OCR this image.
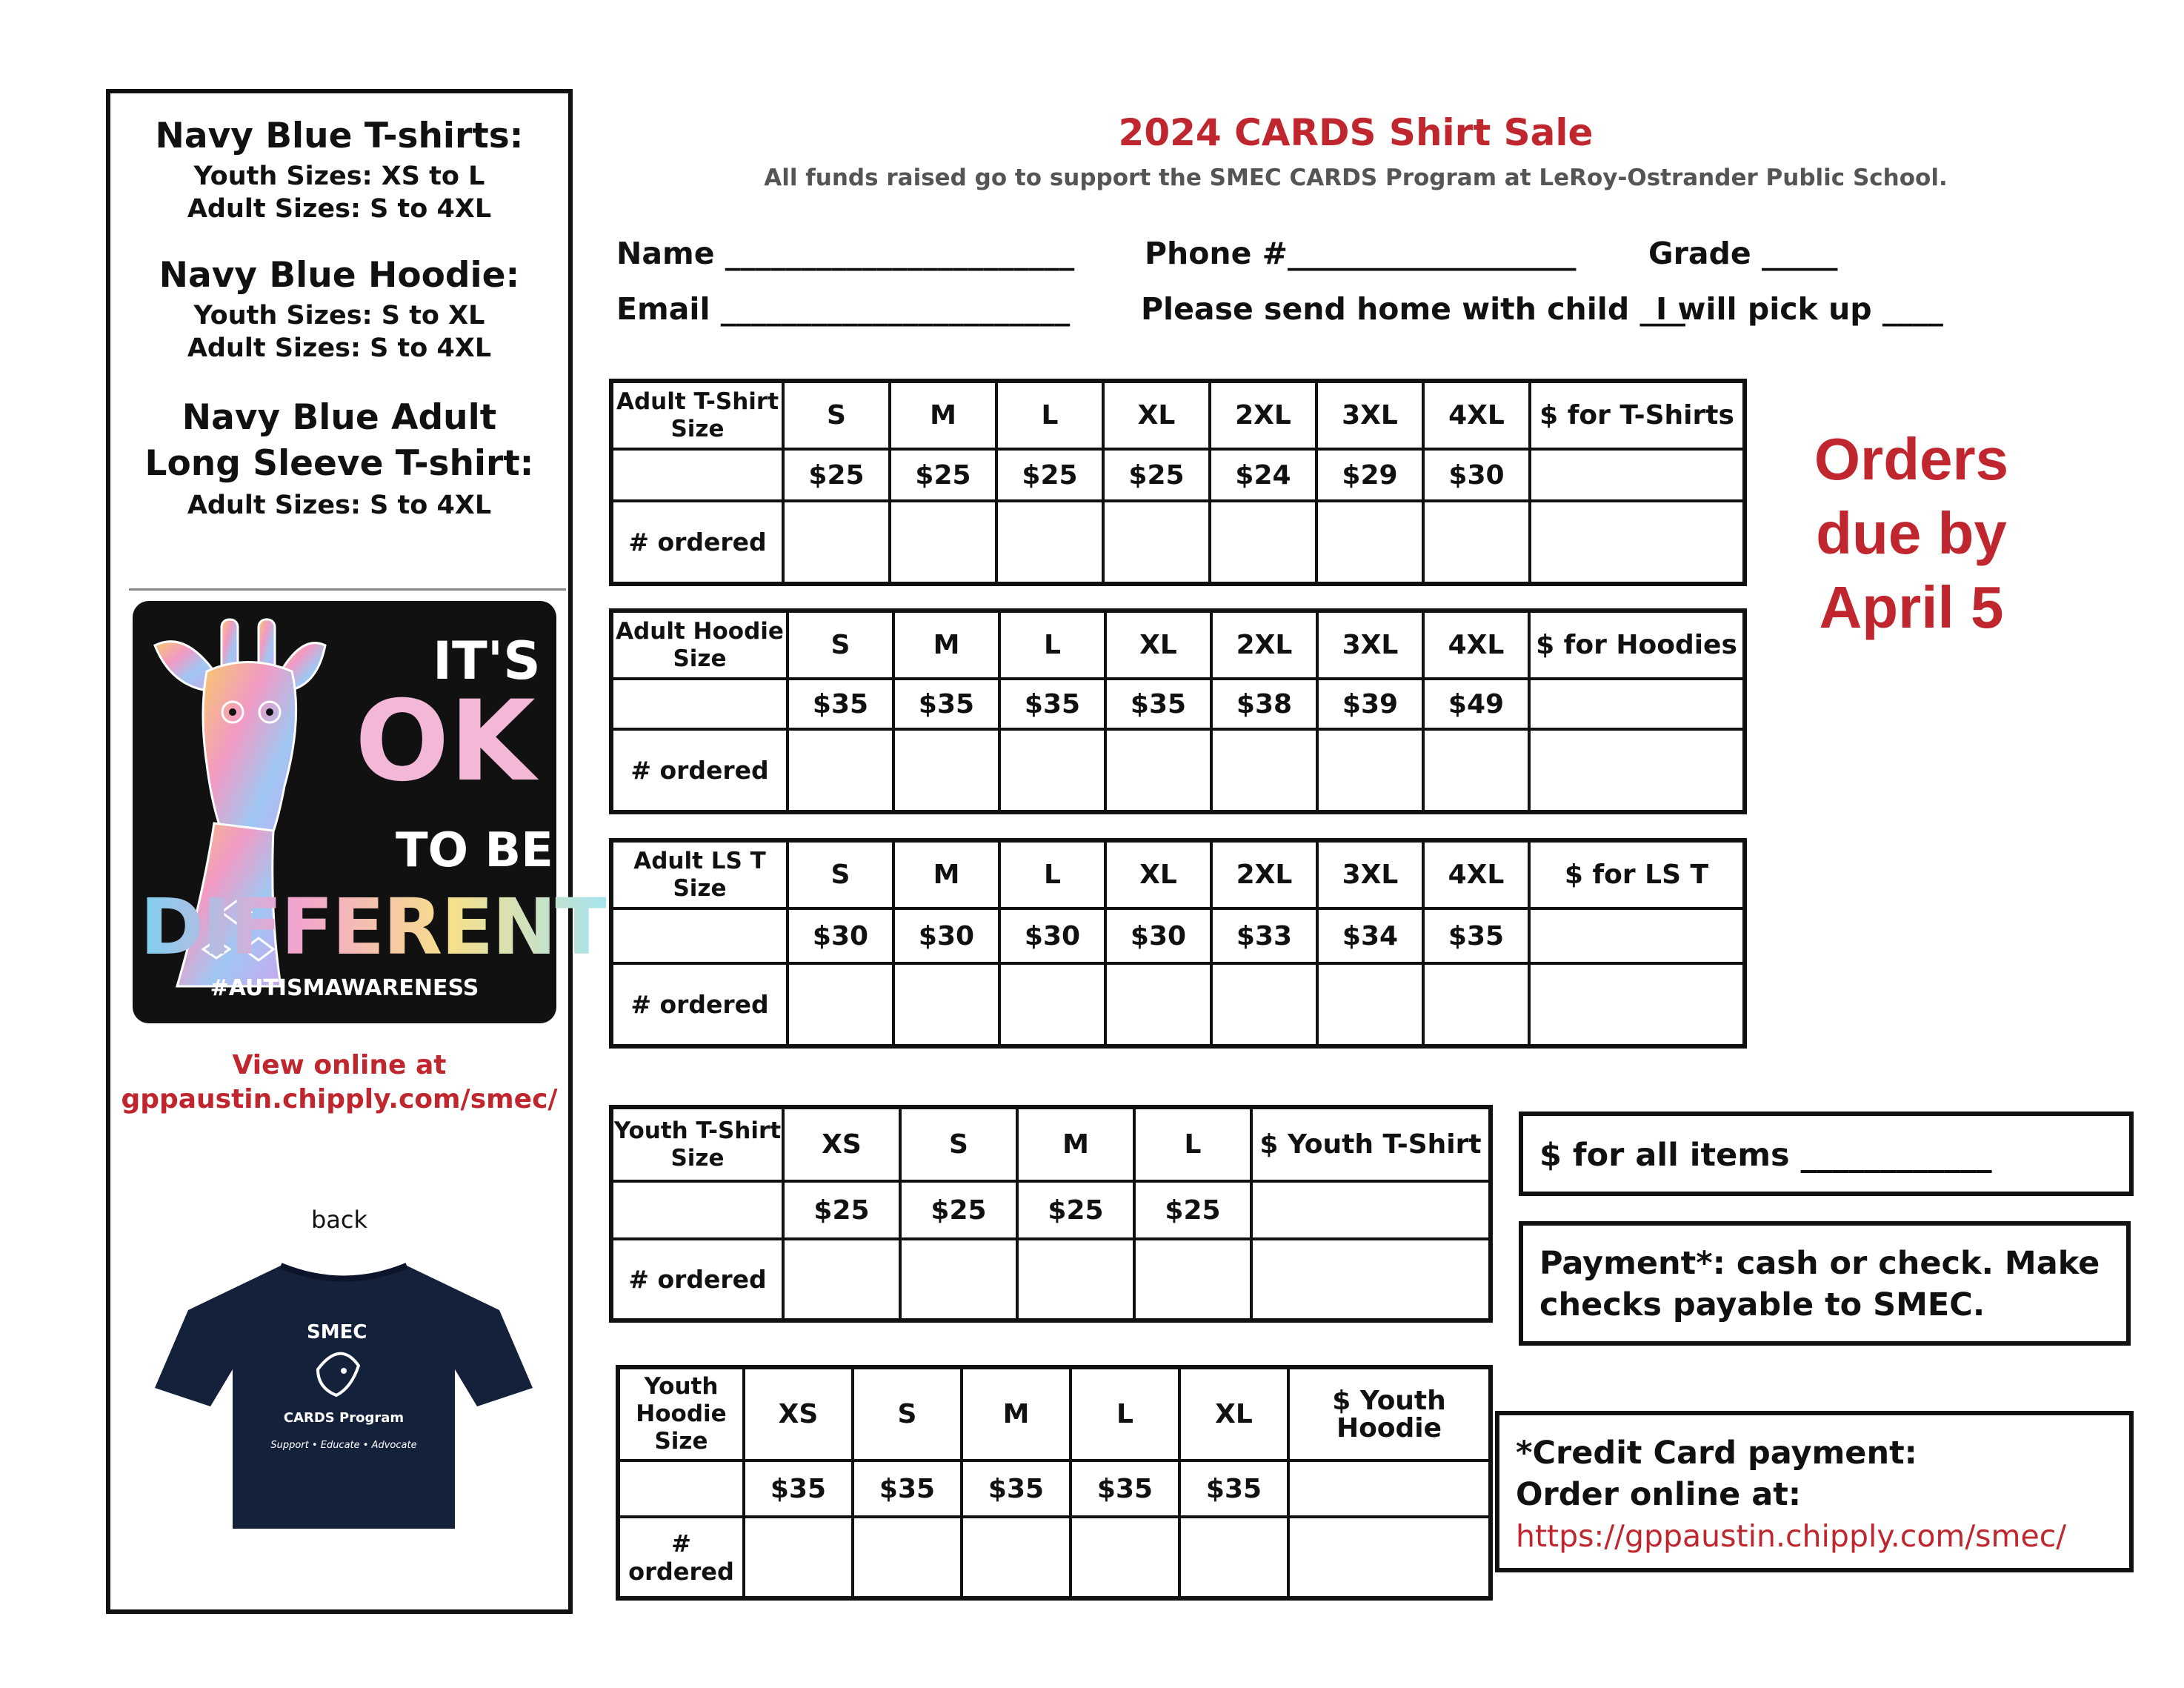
Navy Blue T-shirts:
Youth Sizes: XS to L
Adult Sizes: S to 4XL
Navy Blue Hoodie:
Youth Sizes: S to XL
Adult Sizes: S to 4XL
Navy Blue Adult
Long Sleeve T-shirt:
Adult Sizes: S to 4XL
IT'S
OK
TO BE
DIFFERENT
#AUTISMAWARENESS
View online at
gppaustin.chipply.com/smec/
back
SMEC
CARDS Program
Support • Educate • Advocate
2024 CARDS Shirt Sale
All funds raised go to support the SMEC CARDS Program at LeRoy-Ostrander Public School.
Name _______________________ Phone #___________________ Grade _____
Email _______________________ Please send home with child ___
I will pick up ____
Adult T-Shirt Size	S	M	L	XL	2XL	3XL	4XL	$ for T-Shirts
	$25	$25	$25	$25	$24	$29	$30	
# ordered								
Adult Hoodie Size	S	M	L	XL	2XL	3XL	4XL	$ for Hoodies
	$35	$35	$35	$35	$38	$39	$49	
# ordered								
Adult LS T Size	S	M	L	XL	2XL	3XL	4XL	$ for LS T
	$30	$30	$30	$30	$33	$34	$35	
# ordered								
Orders
due by
April 5
Youth T-Shirt Size	XS	S	M	L	$ Youth T-Shirt
	$25	$25	$25	$25	
# ordered					
Youth Hoodie Size	XS	S	M	L	XL	$ Youth Hoodie
	$35	$35	$35	$35	$35	
# ordered						
$ for all items ____________
Payment*: cash or check. Make
checks payable to SMEC.
*Credit Card payment:
Order online at:
https://gppaustin.chipply.com/smec/
